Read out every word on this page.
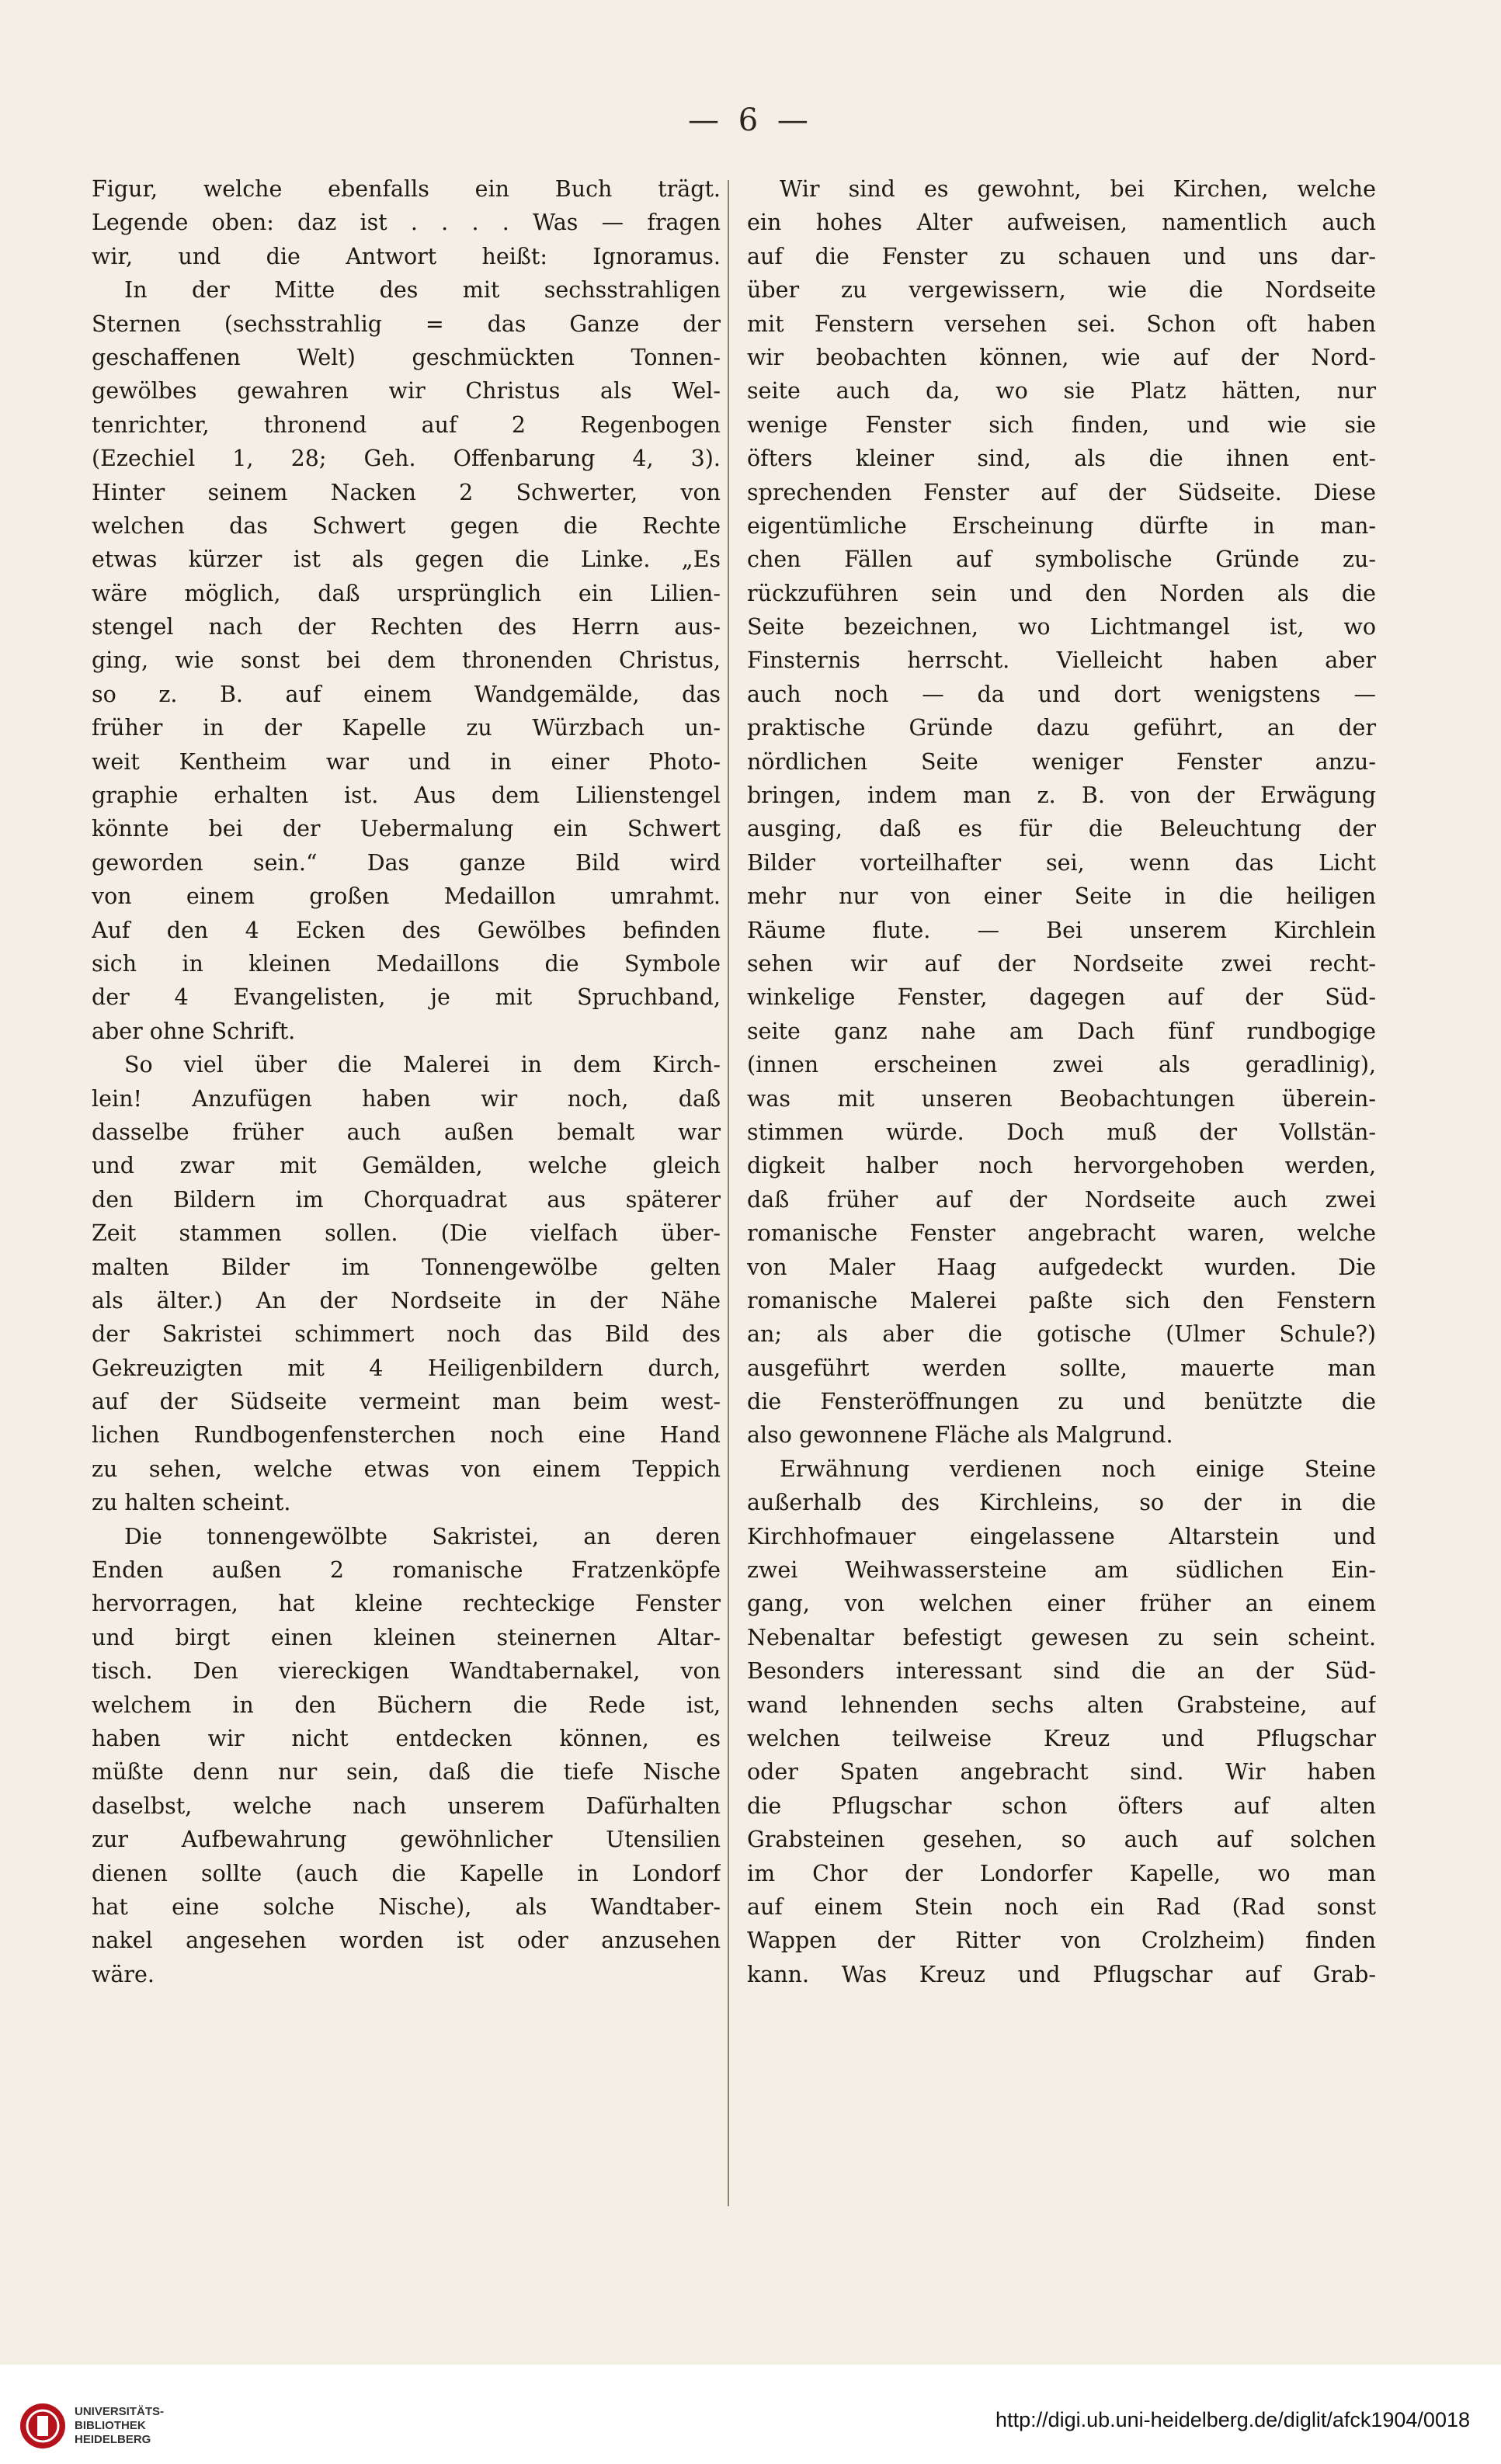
— 6 —
Figur, welche ebenfalls ein Buch trägt.
Legende oben: daz ist . . . . Was — fragen
wir, und die Antwort heißt: Ignoramus.
In der Mitte des mit sechsstrahligen
Sternen (sechsstrahlig = das Ganze der
geschaffenen Welt) geschmückten Tonnen-
gewölbes gewahren wir Christus als Wel-
tenrichter, thronend auf 2 Regenbogen
(Ezechiel 1, 28; Geh. Offenbarung 4, 3).
Hinter seinem Nacken 2 Schwerter, von
welchen das Schwert gegen die Rechte
etwas kürzer ist als gegen die Linke. „Es
wäre möglich, daß ursprünglich ein Lilien-
stengel nach der Rechten des Herrn aus-
ging, wie sonst bei dem thronenden Christus,
so z. B. auf einem Wandgemälde, das
früher in der Kapelle zu Würzbach un-
weit Kentheim war und in einer Photo-
graphie erhalten ist. Aus dem Lilienstengel
könnte bei der Uebermalung ein Schwert
geworden sein.“ Das ganze Bild wird
von einem großen Medaillon umrahmt.
Auf den 4 Ecken des Gewölbes befinden
sich in kleinen Medaillons die Symbole
der 4 Evangelisten, je mit Spruchband,
aber ohne Schrift.
So viel über die Malerei in dem Kirch-
lein! Anzufügen haben wir noch, daß
dasselbe früher auch außen bemalt war
und zwar mit Gemälden, welche gleich
den Bildern im Chorquadrat aus späterer
Zeit stammen sollen. (Die vielfach über-
malten Bilder im Tonnengewölbe gelten
als älter.) An der Nordseite in der Nähe
der Sakristei schimmert noch das Bild des
Gekreuzigten mit 4 Heiligenbildern durch,
auf der Südseite vermeint man beim west-
lichen Rundbogenfensterchen noch eine Hand
zu sehen, welche etwas von einem Teppich
zu halten scheint.
Die tonnengewölbte Sakristei, an deren
Enden außen 2 romanische Fratzenköpfe
hervorragen, hat kleine rechteckige Fenster
und birgt einen kleinen steinernen Altar-
tisch. Den viereckigen Wandtabernakel, von
welchem in den Büchern die Rede ist,
haben wir nicht entdecken können, es
müßte denn nur sein, daß die tiefe Nische
daselbst, welche nach unserem Dafürhalten
zur Aufbewahrung gewöhnlicher Utensilien
dienen sollte (auch die Kapelle in Londorf
hat eine solche Nische), als Wandtaber-
nakel angesehen worden ist oder anzusehen
wäre.
Wir sind es gewohnt, bei Kirchen, welche
ein hohes Alter aufweisen, namentlich auch
auf die Fenster zu schauen und uns dar-
über zu vergewissern, wie die Nordseite
mit Fenstern versehen sei. Schon oft haben
wir beobachten können, wie auf der Nord-
seite auch da, wo sie Platz hätten, nur
wenige Fenster sich finden, und wie sie
öfters kleiner sind, als die ihnen ent-
sprechenden Fenster auf der Südseite. Diese
eigentümliche Erscheinung dürfte in man-
chen Fällen auf symbolische Gründe zu-
rückzuführen sein und den Norden als die
Seite bezeichnen, wo Lichtmangel ist, wo
Finsternis herrscht. Vielleicht haben aber
auch noch — da und dort wenigstens —
praktische Gründe dazu geführt, an der
nördlichen Seite weniger Fenster anzu-
bringen, indem man z. B. von der Erwägung
ausging, daß es für die Beleuchtung der
Bilder vorteilhafter sei, wenn das Licht
mehr nur von einer Seite in die heiligen
Räume flute. — Bei unserem Kirchlein
sehen wir auf der Nordseite zwei recht-
winkelige Fenster, dagegen auf der Süd-
seite ganz nahe am Dach fünf rundbogige
(innen erscheinen zwei als geradlinig),
was mit unseren Beobachtungen überein-
stimmen würde. Doch muß der Vollstän-
digkeit halber noch hervorgehoben werden,
daß früher auf der Nordseite auch zwei
romanische Fenster angebracht waren, welche
von Maler Haag aufgedeckt wurden. Die
romanische Malerei paßte sich den Fenstern
an; als aber die gotische (Ulmer Schule?)
ausgeführt werden sollte, mauerte man
die Fensteröffnungen zu und benützte die
also gewonnene Fläche als Malgrund.
Erwähnung verdienen noch einige Steine
außerhalb des Kirchleins, so der in die
Kirchhofmauer eingelassene Altarstein und
zwei Weihwassersteine am südlichen Ein-
gang, von welchen einer früher an einem
Nebenaltar befestigt gewesen zu sein scheint.
Besonders interessant sind die an der Süd-
wand lehnenden sechs alten Grabsteine, auf
welchen teilweise Kreuz und Pflugschar
oder Spaten angebracht sind. Wir haben
die Pflugschar schon öfters auf alten
Grabsteinen gesehen, so auch auf solchen
im Chor der Londorfer Kapelle, wo man
auf einem Stein noch ein Rad (Rad sonst
Wappen der Ritter von Crolzheim) finden
kann. Was Kreuz und Pflugschar auf Grab-
UNIVERSITÄTS-
BIBLIOTHEK
HEIDELBERG
http://digi.ub.uni-heidelberg.de/diglit/afck1904/0018
